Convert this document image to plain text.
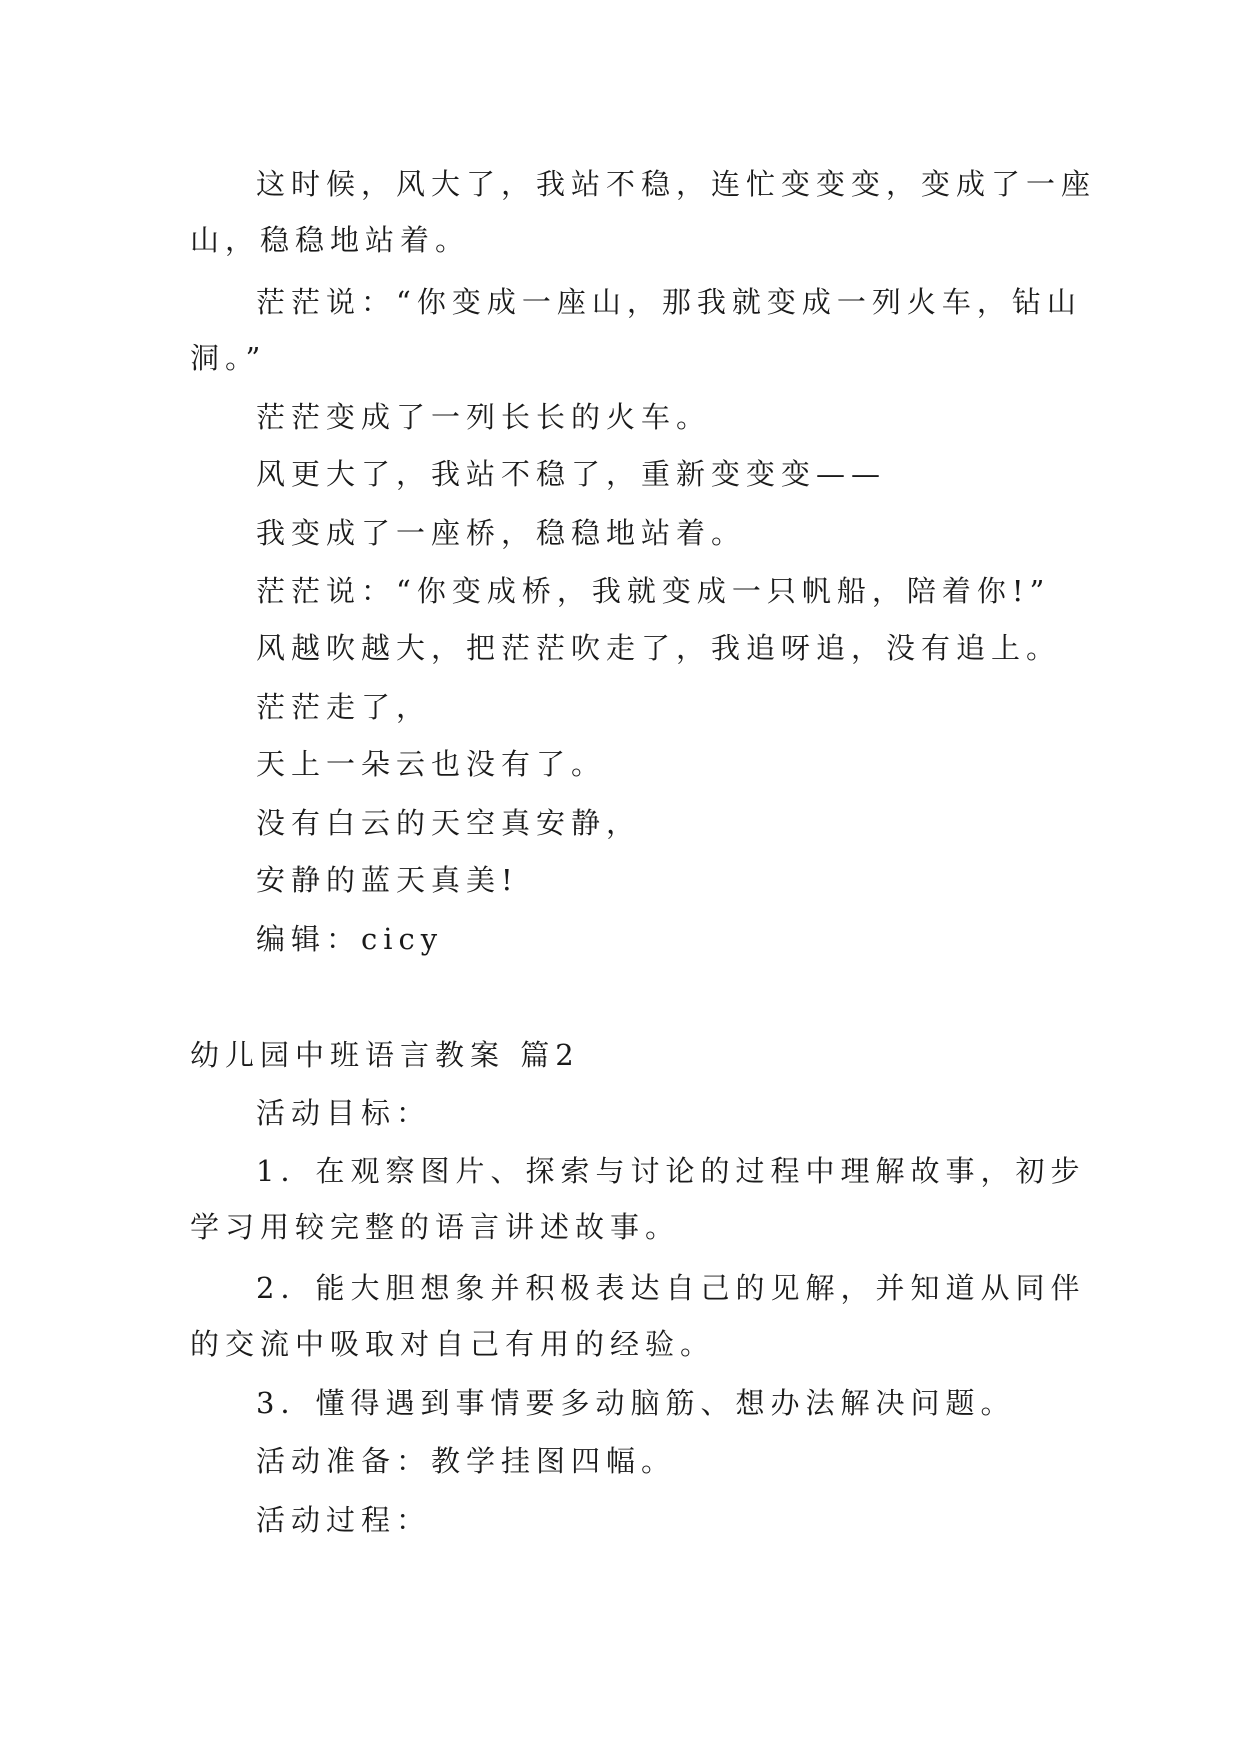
这时候，风大了，我站不稳，连忙变变变，变成了一座
山，稳稳地站着。
茫茫说：“你变成一座山，那我就变成一列火车，钻山
洞。”
茫茫变成了一列长长的火车。
风更大了，我站不稳了，重新变变变——
我变成了一座桥，稳稳地站着。
茫茫说：“你变成桥，我就变成一只帆船，陪着你!”
风越吹越大，把茫茫吹走了，我追呀追，没有追上。
茫茫走了，
天上一朵云也没有了。
没有白云的天空真安静，
安静的蓝天真美!
编辑：cicy
幼儿园中班语言教案 篇2
活动目标：
1．在观察图片、探索与讨论的过程中理解故事，初步
学习用较完整的语言讲述故事。
2．能大胆想象并积极表达自己的见解，并知道从同伴
的交流中吸取对自己有用的经验。
3．懂得遇到事情要多动脑筋、想办法解决问题。
活动准备：教学挂图四幅。
活动过程：
